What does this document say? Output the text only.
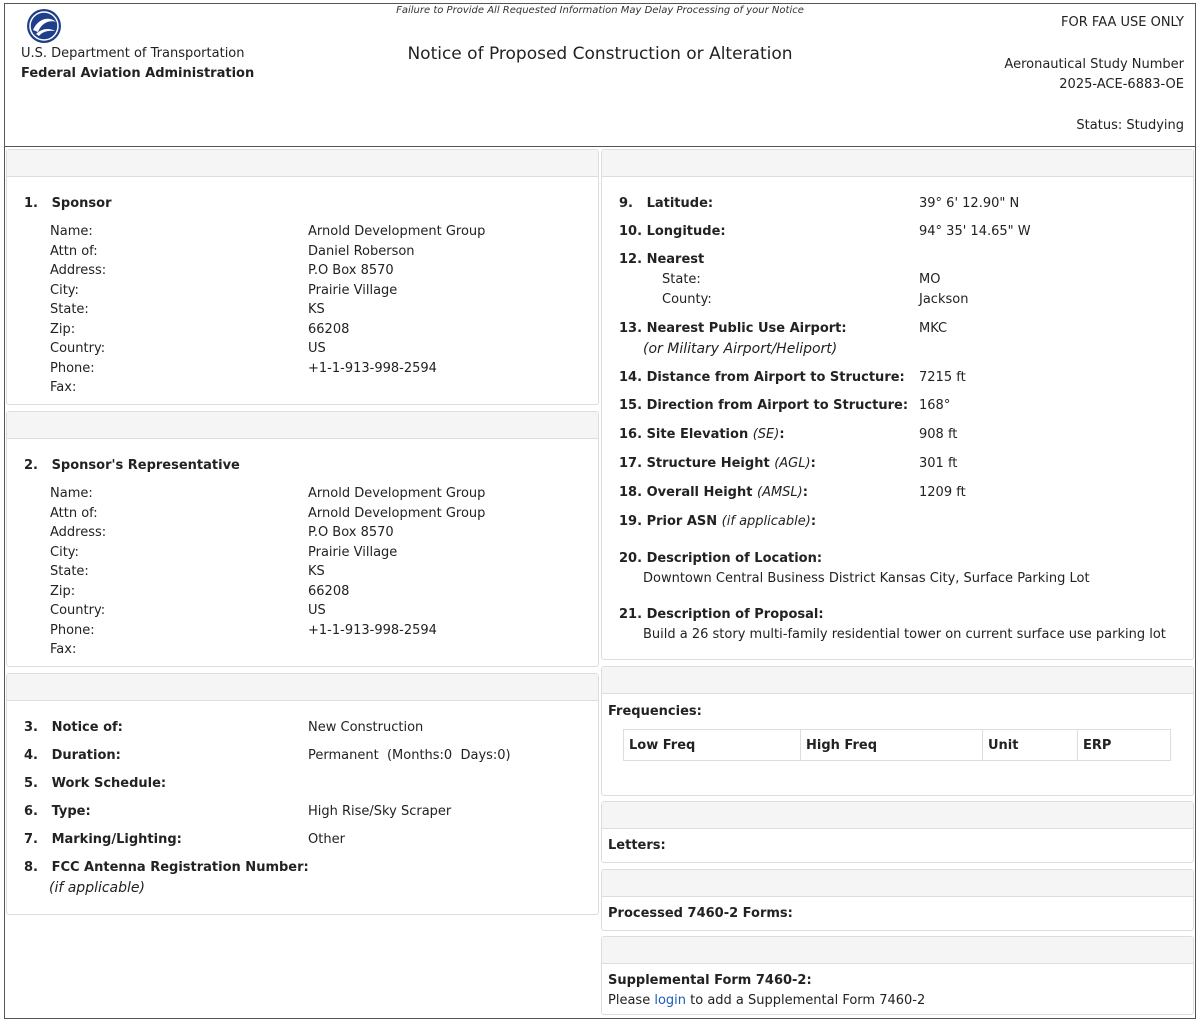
U.S. Department of Transportation
Federal Aviation Administration
Failure to Provide All Requested Information May Delay Processing of your Notice
Notice of Proposed Construction or Alteration
FOR FAA USE ONLY
Aeronautical Study Number
2025-ACE-6883-OE
Status: Studying
1. Sponsor
Name:	Arnold Development Group
Attn of:	Daniel Roberson
Address:	P.O Box 8570
City:	Prairie Village
State:	KS
Zip:	66208
Country:	US
Phone:	+1-1-913-998-2594
Fax:
2. Sponsor's Representative
Name:	Arnold Development Group
Attn of:	Arnold Development Group
Address:	P.O Box 8570
City:	Prairie Village
State:	KS
Zip:	66208
Country:	US
Phone:	+1-1-913-998-2594
Fax:
3. Notice of:	New Construction
4. Duration:	Permanent  (Months:0  Days:0)
5. Work Schedule:
6. Type:	High Rise/Sky Scraper
7. Marking/Lighting:	Other
8. FCC Antenna Registration Number:
(if applicable)
9. Latitude:	39° 6' 12.90" N
10. Longitude:	94° 35' 14.65" W
12. Nearest
State:	MO
County:	Jackson
13. Nearest Public Use Airport:
(or Military Airport/Heliport)
MKC
14. Distance from Airport to Structure: 7215 ft
15. Direction from Airport to Structure: 168°
16. Site Elevation (SE):	908 ft
17. Structure Height (AGL):	301 ft
18. Overall Height (AMSL):	1209 ft
19. Prior ASN (if applicable):
20. Description of Location:
Downtown Central Business District Kansas City, Surface Parking Lot
21. Description of Proposal:
Build a 26 story multi-family residential tower on current surface use parking lot
Frequencies:
Low Freq	High Freq	Unit	ERP
Letters:
Processed 7460-2 Forms:
Supplemental Form 7460-2:
Please login to add a Supplemental Form 7460-2
